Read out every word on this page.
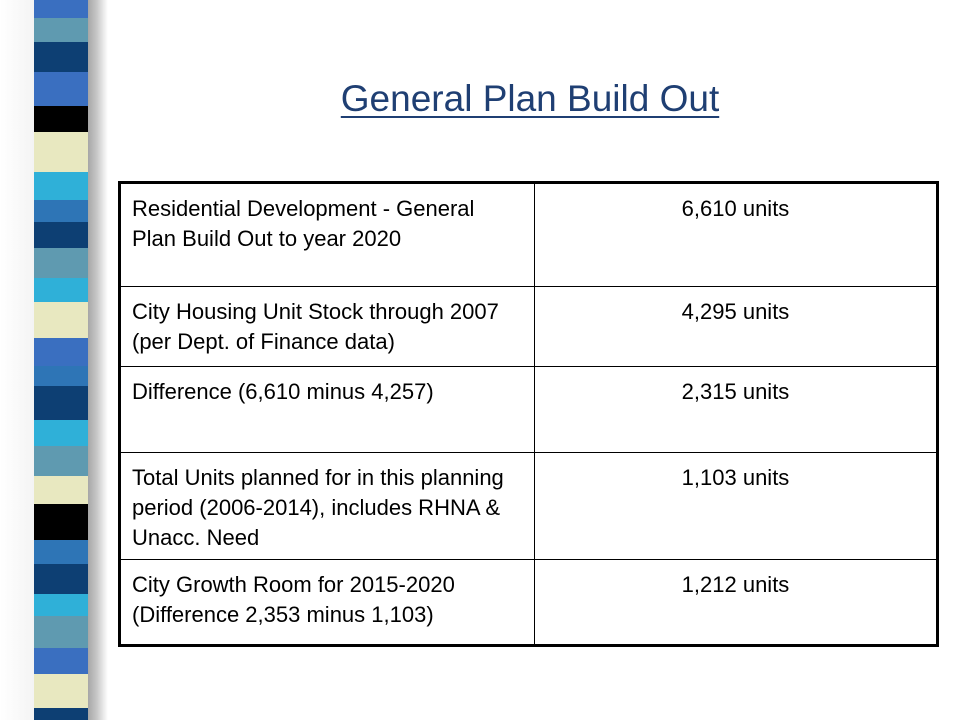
General Plan Build Out
Residential Development - General Plan Build Out to year 2020	6,610 units
City Housing Unit Stock through 2007 (per Dept. of Finance data)	4,295 units
Difference (6,610 minus 4,257)	2,315 units
Total Units planned for in this planning period (2006-2014), includes RHNA & Unacc. Need	1,103 units
City Growth Room for 2015-2020 (Difference 2,353 minus 1,103)	1,212 units
